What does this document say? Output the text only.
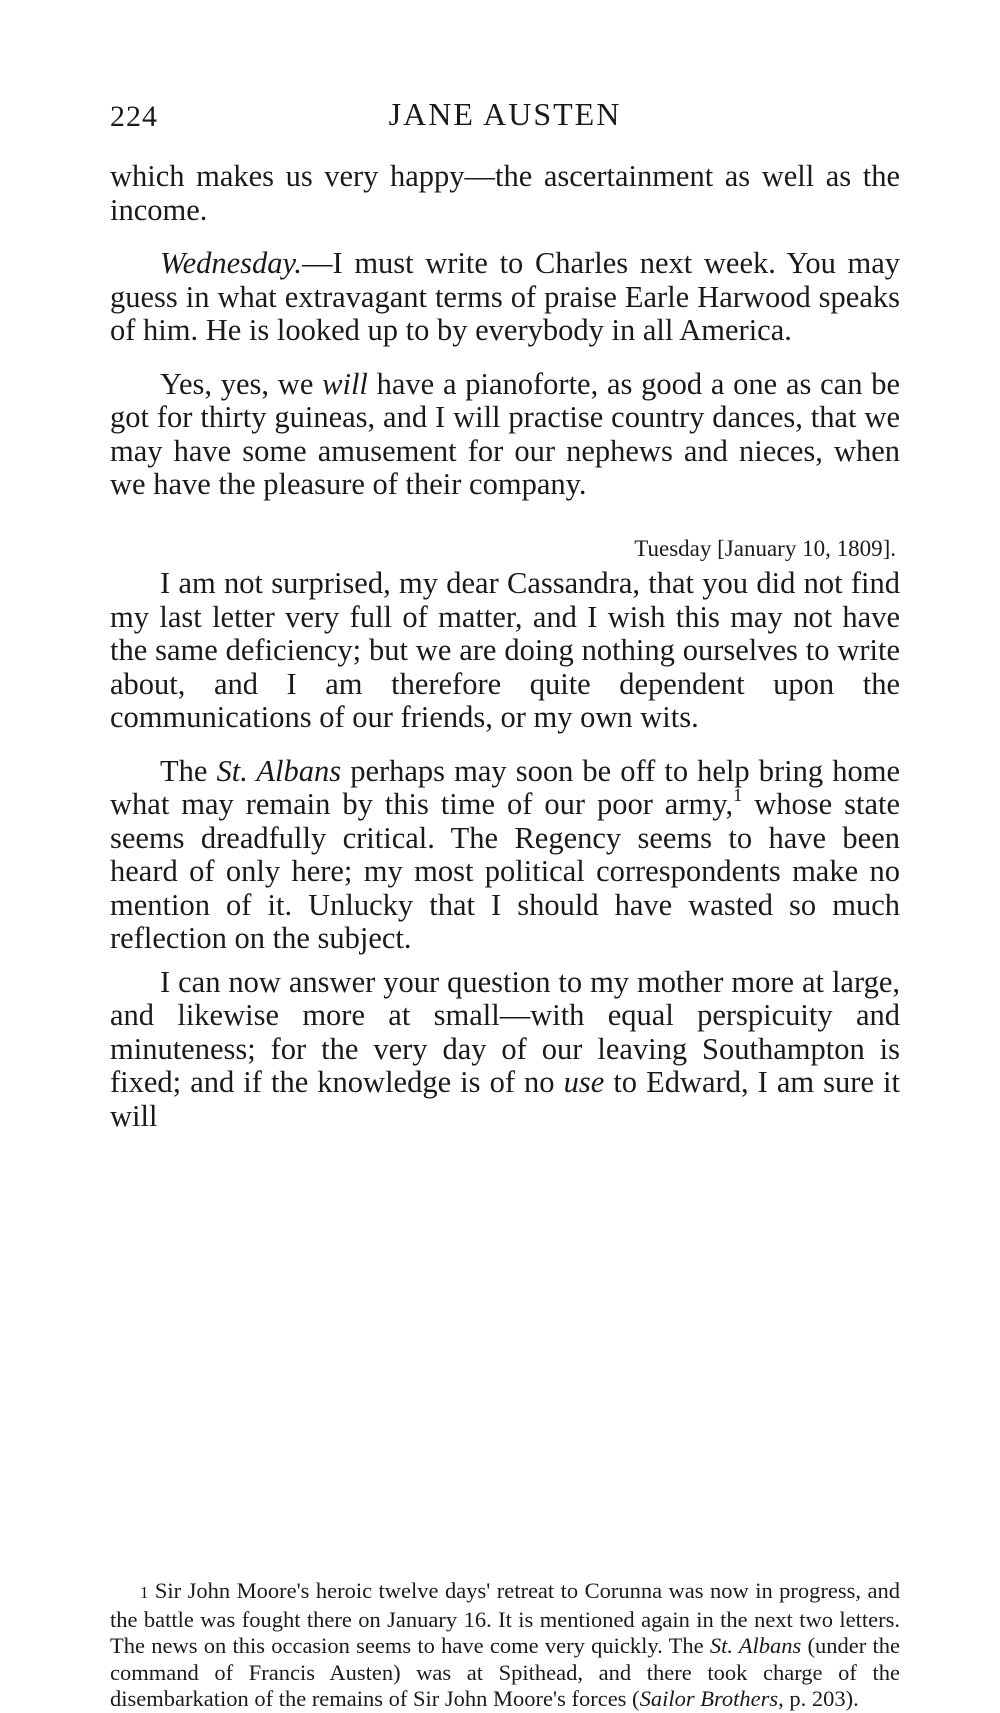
224	JANE AUSTEN

which makes us very happy—the ascertainment as well as the income.

Wednesday.—I must write to Charles next week. You may guess in what extravagant terms of praise Earle Harwood speaks of him. He is looked up to by everybody in all America.

Yes, yes, we will have a pianoforte, as good a one as can be got for thirty guineas, and I will practise country dances, that we may have some amusement for our nephews and nieces, when we have the pleasure of their company.

Tuesday [January 10, 1809].

I am not surprised, my dear Cassandra, that you did not find my last letter very full of matter, and I wish this may not have the same deficiency; but we are doing nothing ourselves to write about, and I am therefore quite dependent upon the communications of our friends, or my own wits.

The St. Albans perhaps may soon be off to help bring home what may remain by this time of our poor army,$^1$ whose state seems dreadfully critical. The Regency seems to have been heard of only here; my most political correspondents make no mention of it. Unlucky that I should have wasted so much reflection on the subject.

I can now answer your question to my mother more at large, and likewise more at small—with equal perspicuity and minuteness; for the very day of our leaving Southampton is fixed; and if the knowledge is of no use to Edward, I am sure it will

1 Sir John Moore's heroic twelve days' retreat to Corunna was now in progress, and the battle was fought there on January 16. It is mentioned again in the next two letters. The news on this occasion seems to have come very quickly. The St. Albans (under the command of Francis Austen) was at Spithead, and there took charge of the disembarkation of the remains of Sir John Moore's forces (Sailor Brothers, p. 203).
